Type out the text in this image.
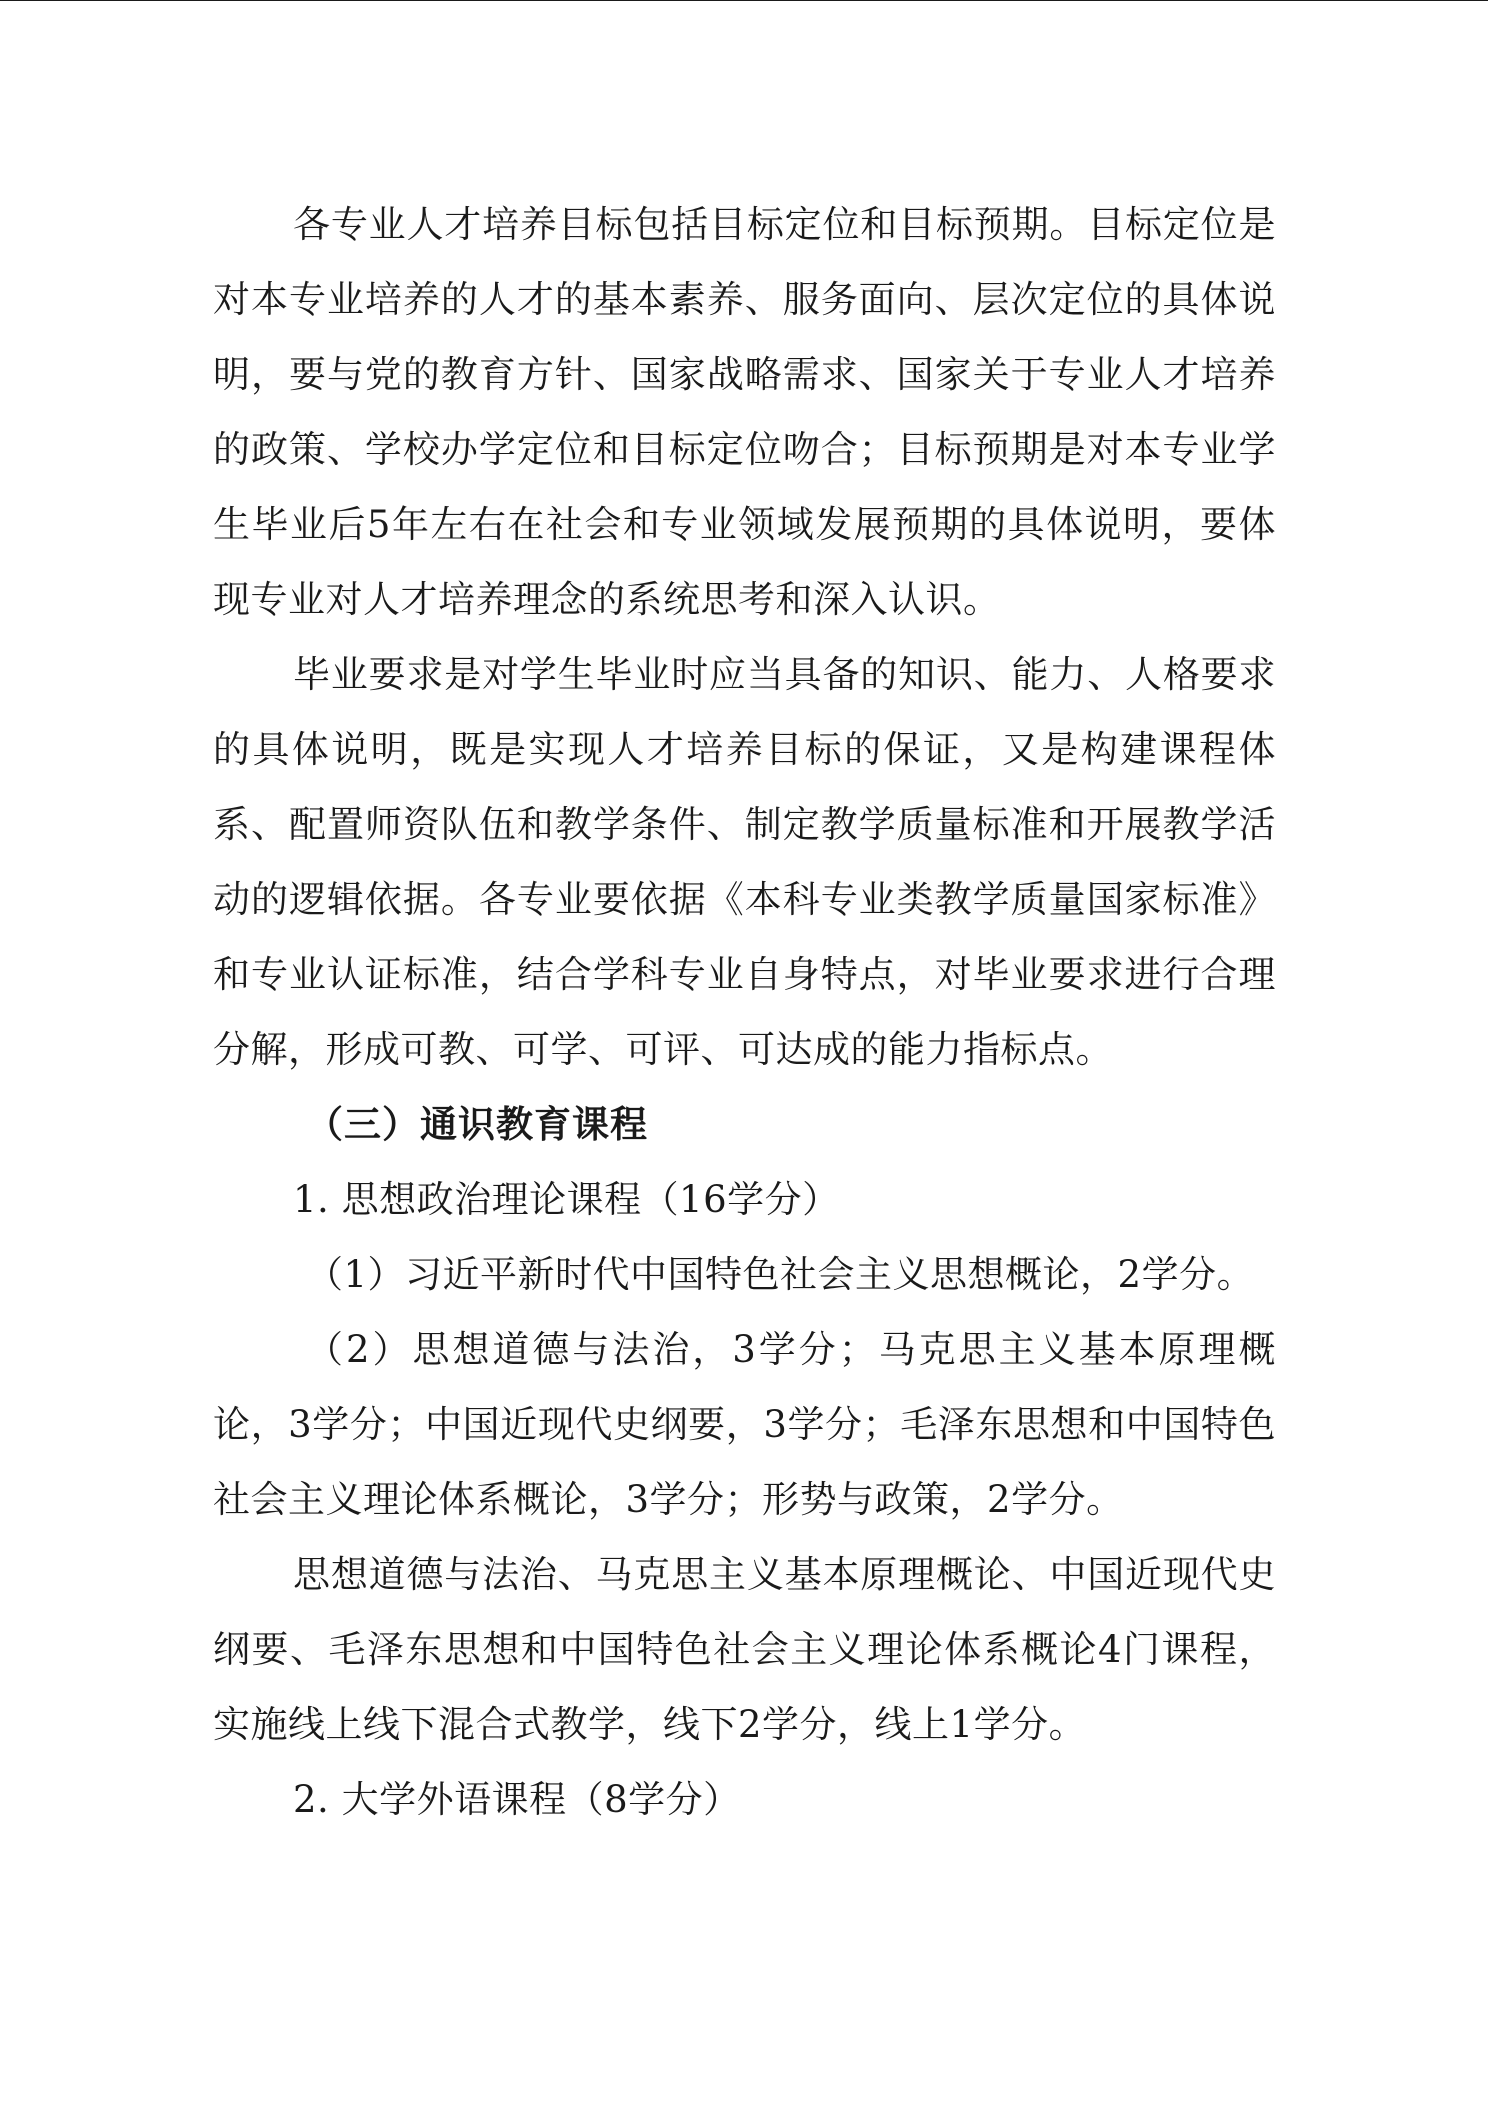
各专业人才培养目标包括目标定位和目标预期。目标定位是对本专业培养的人才的基本素养、服务面向、层次定位的具体说明，要与党的教育方针、国家战略需求、国家关于专业人才培养的政策、学校办学定位和目标定位吻合；目标预期是对本专业学生毕业后5年左右在社会和专业领域发展预期的具体说明，要体现专业对人才培养理念的系统思考和深入认识。

毕业要求是对学生毕业时应当具备的知识、能力、人格要求的具体说明，既是实现人才培养目标的保证，又是构建课程体系、配置师资队伍和教学条件、制定教学质量标准和开展教学活动的逻辑依据。各专业要依据《本科专业类教学质量国家标准》和专业认证标准，结合学科专业自身特点，对毕业要求进行合理分解，形成可教、可学、可评、可达成的能力指标点。

（三）通识教育课程

1. 思想政治理论课程（16学分）

（1）习近平新时代中国特色社会主义思想概论，2学分。

（2）思想道德与法治，3学分；马克思主义基本原理概论，3学分；中国近现代史纲要，3学分；毛泽东思想和中国特色社会主义理论体系概论，3学分；形势与政策，2学分。

思想道德与法治、马克思主义基本原理概论、中国近现代史纲要、毛泽东思想和中国特色社会主义理论体系概论4门课程，实施线上线下混合式教学，线下2学分，线上1学分。

2. 大学外语课程（8学分）
